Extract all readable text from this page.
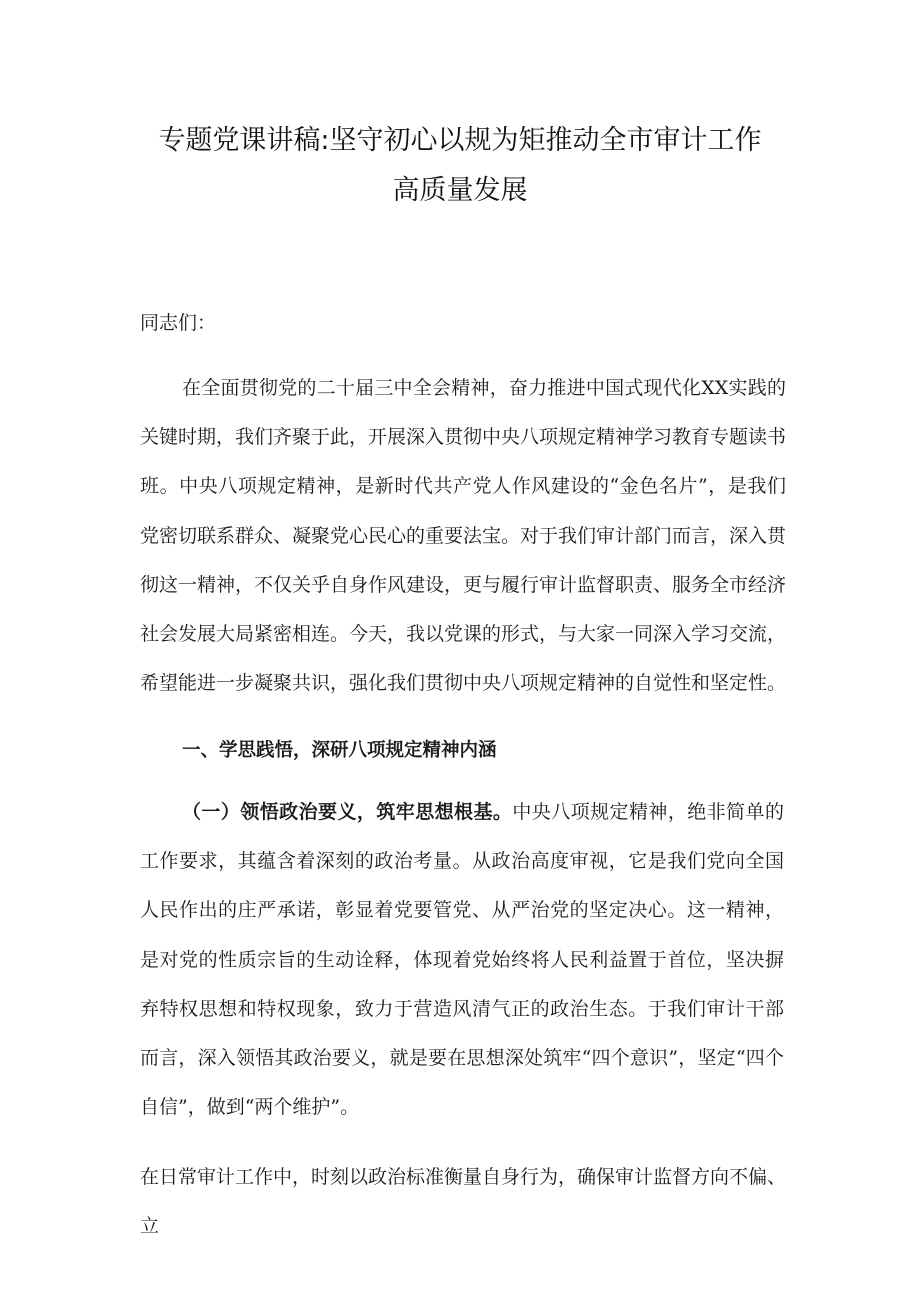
专题党课讲稿:坚守初心以规为矩推动全市审计工作
高质量发展

同志们：

在全面贯彻党的二十届三中全会精神，奋力推进中国式现代化XX实践的关键时期，我们齐聚于此，开展深入贯彻中央八项规定精神学习教育专题读书班。中央八项规定精神，是新时代共产党人作风建设的“金色名片”，是我们党密切联系群众、凝聚党心民心的重要法宝。对于我们审计部门而言，深入贯彻这一精神，不仅关乎自身作风建设，更与履行审计监督职责、服务全市经济社会发展大局紧密相连。今天，我以党课的形式，与大家一同深入学习交流，希望能进一步凝聚共识，强化我们贯彻中央八项规定精神的自觉性和坚定性。

一、学思践悟，深研八项规定精神内涵

（一）领悟政治要义，筑牢思想根基。中央八项规定精神，绝非简单的工作要求，其蕴含着深刻的政治考量。从政治高度审视，它是我们党向全国人民作出的庄严承诺，彰显着党要管党、从严治党的坚定决心。这一精神，是对党的性质宗旨的生动诠释，体现着党始终将人民利益置于首位，坚决摒弃特权思想和特权现象，致力于营造风清气正的政治生态。于我们审计干部而言，深入领悟其政治要义，就是要在思想深处筑牢“四个意识”，坚定“四个自信”，做到“两个维护”。

在日常审计工作中，时刻以政治标准衡量自身行为，确保审计监督方向不偏、立
